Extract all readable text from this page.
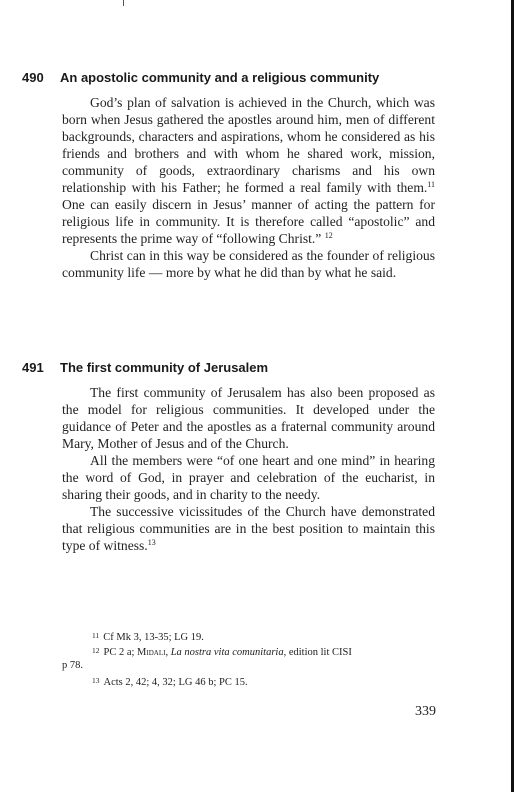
490 An apostolic community and a religious community

God’s plan of salvation is achieved in the Church, which was born when Jesus gathered the apostles around him, men of different backgrounds, characters and aspirations, whom he considered as his friends and brothers and with whom he shared work, mission, community of goods, extraordinary charisms and his own relationship with his Father; he formed a real family with them.$^{11}$ One can easily discern in Jesus’ manner of acting the pattern for religious life in community. It is therefore called “apostolic” and represents the prime way of “following Christ.” $^{12}$

Christ can in this way be considered as the founder of religious community life — more by what he did than by what he said.

491 The first community of Jerusalem

The first community of Jerusalem has also been proposed as the model for religious communities. It developed under the guidance of Peter and the apostles as a fraternal community around Mary, Mother of Jesus and of the Church.

All the members were “of one heart and one mind” in hearing the word of God, in prayer and celebration of the eucharist, in sharing their goods, and in charity to the needy.

The successive vicissitudes of the Church have demonstrated that religious communities are in the best position to maintain this type of witness.$^{13}$

11 Cf Mk 3, 13-35; LG 19.
12 PC 2 a; Midali, La nostra vita comunitaria, edition lit CISI
p 78.
13 Acts 2, 42; 4, 32; LG 46 b; PC 15.
339
